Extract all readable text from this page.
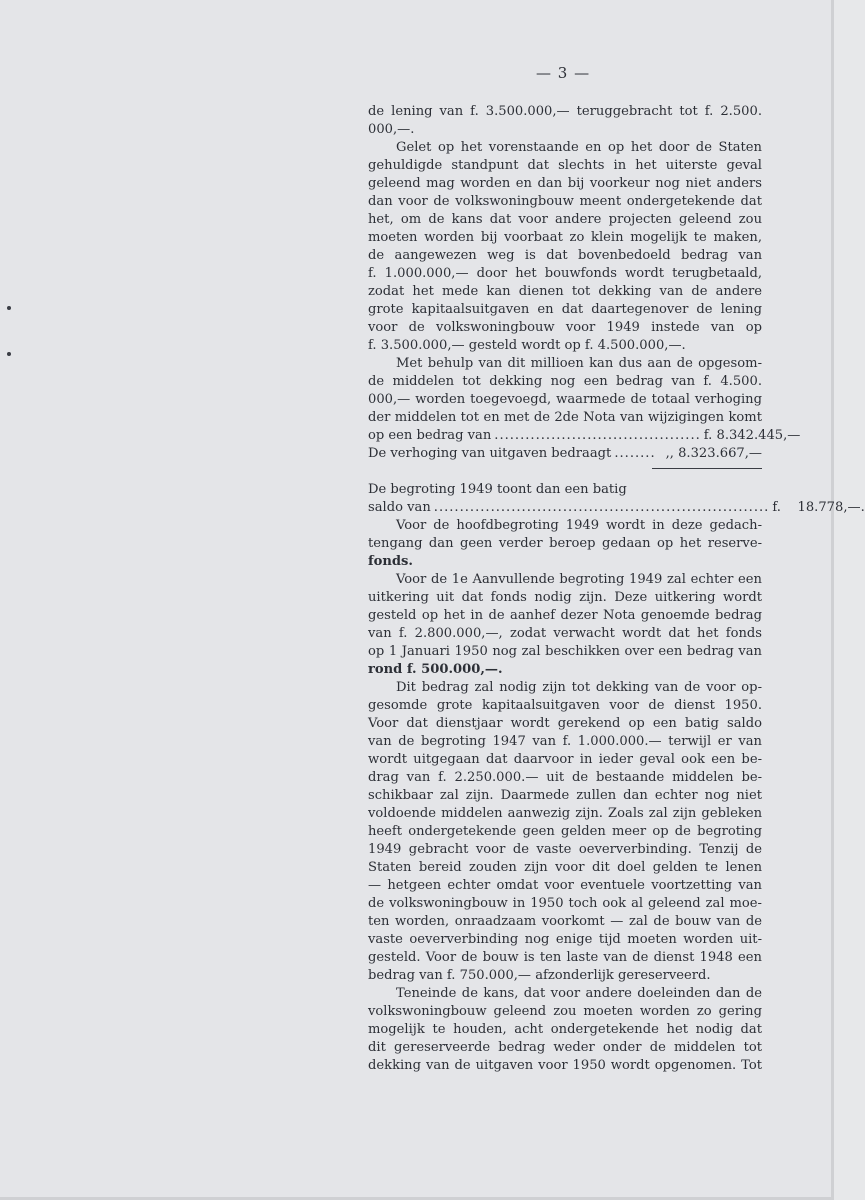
— 3 —
de lening van f. 3.500.000,— teruggebracht tot f. 2.500.
000,—.
Gelet op het vorenstaande en op het door de Staten
gehuldigde standpunt dat slechts in het uiterste geval
geleend mag worden en dan bij voorkeur nog niet anders
dan voor de volkswoningbouw meent ondergetekende dat
het, om de kans dat voor andere projecten geleend zou
moeten worden bij voorbaat zo klein mogelijk te maken,
de aangewezen weg is dat bovenbedoeld bedrag van
f. 1.000.000,— door het bouwfonds wordt terugbetaald,
zodat het mede kan dienen tot dekking van de andere
grote kapitaalsuitgaven en dat daartegenover de lening
voor de volkswoningbouw voor 1949 instede van op
f. 3.500.000,— gesteld wordt op f. 4.500.000,—.
Met behulp van dit millioen kan dus aan de opgesom-
de middelen tot dekking nog een bedrag van f. 4.500.
000,— worden toegevoegd, waarmede de totaal verhoging
der middelen tot en met de 2de Nota van wijzigingen komt
op een bedrag van ........................................ f. 8.342.445,—
De verhoging van uitgaven bedraagt ........ ,, 8.323.667,—
De begroting 1949 toont dan een batig
saldo van ................................................................. f.    18.778,—.
Voor de hoofdbegroting 1949 wordt in deze gedach-
tengang dan geen verder beroep gedaan op het reserve-
fonds.
Voor de 1e Aanvullende begroting 1949 zal echter een
uitkering uit dat fonds nodig zijn. Deze uitkering wordt
gesteld op het in de aanhef dezer Nota genoemde bedrag
van f. 2.800.000,—, zodat verwacht wordt dat het fonds
op 1 Januari 1950 nog zal beschikken over een bedrag van
rond f. 500.000,—.
Dit bedrag zal nodig zijn tot dekking van de voor op-
gesomde grote kapitaalsuitgaven voor de dienst 1950.
Voor dat dienstjaar wordt gerekend op een batig saldo
van de begroting 1947 van f. 1.000.000.— terwijl er van
wordt uitgegaan dat daarvoor in ieder geval ook een be-
drag van f. 2.250.000.— uit de bestaande middelen be-
schikbaar zal zijn. Daarmede zullen dan echter nog niet
voldoende middelen aanwezig zijn. Zoals zal zijn gebleken
heeft ondergetekende geen gelden meer op de begroting
1949 gebracht voor de vaste oeververbinding. Tenzij de
Staten bereid zouden zijn voor dit doel gelden te lenen
— hetgeen echter omdat voor eventuele voortzetting van
de volkswoningbouw in 1950 toch ook al geleend zal moe-
ten worden, onraadzaam voorkomt — zal de bouw van de
vaste oeververbinding nog enige tijd moeten worden uit-
gesteld. Voor de bouw is ten laste van de dienst 1948 een
bedrag van f. 750.000,— afzonderlijk gereserveerd.
Teneinde de kans, dat voor andere doeleinden dan de
volkswoningbouw geleend zou moeten worden zo gering
mogelijk te houden, acht ondergetekende het nodig dat
dit gereserveerde bedrag weder onder de middelen tot
dekking van de uitgaven voor 1950 wordt opgenomen. Tot
